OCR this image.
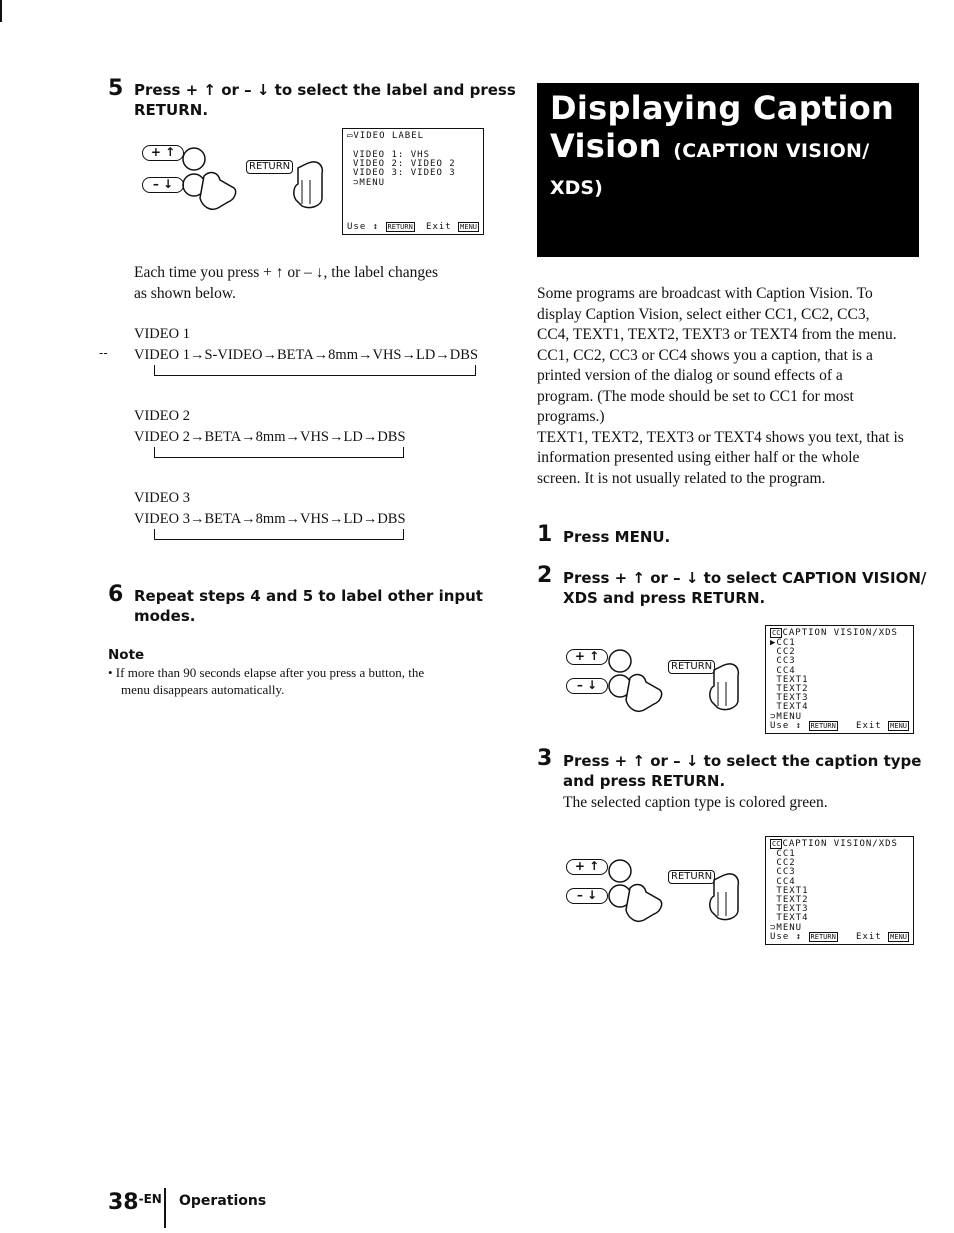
5 Press + ↑ or – ↓ to select the label and press
RETURN.
+ ↑
– ↓
RETURN
▭VIDEO LABEL
VIDEO 1: VHS
VIDEO 2: VIDEO 2
VIDEO 3: VIDEO 3
⊃MENU
Use ↕ RETURN Exit MENU
Each time you press + ↑ or – ↓, the label changes
as shown below.
VIDEO 1
-- VIDEO 1→S-VIDEO→BETA→8mm→VHS→LD→DBS
VIDEO 2
VIDEO 2→BETA→8mm→VHS→LD→DBS
VIDEO 3
VIDEO 3→BETA→8mm→VHS→LD→DBS
6 Repeat steps 4 and 5 to label other input
modes.
Note
• If more than 90 seconds elapse after you press a button, the
menu disappears automatically.
Displaying Caption
Vision (CAPTION VISION/
XDS)
Some programs are broadcast with Caption Vision. To
display Caption Vision, select either CC1, CC2, CC3,
CC4, TEXT1, TEXT2, TEXT3 or TEXT4 from the menu.
CC1, CC2, CC3 or CC4 shows you a caption, that is a
printed version of the dialog or sound effects of a
program. (The mode should be set to CC1 for most
programs.)
TEXT1, TEXT2, TEXT3 or TEXT4 shows you text, that is
information presented using either half or the whole
screen. It is not usually related to the program.
1 Press MENU.
2 Press + ↑ or – ↓ to select CAPTION VISION/
XDS and press RETURN.
+ ↑
– ↓
RETURN
CC CAPTION VISION/XDS
▶CC1
CC2
CC3
CC4
TEXT1
TEXT2
TEXT3
TEXT4
⊃MENU
Use ↕ RETURN Exit MENU
3 Press + ↑ or – ↓ to select the caption type
and press RETURN.
The selected caption type is colored green.
+ ↑
– ↓
RETURN
CC CAPTION VISION/XDS
CC1
CC2
CC3
CC4
TEXT1
TEXT2
TEXT3
TEXT4
⊃MENU
Use ↕ RETURN Exit MENU
38$^{-EN}$ Operations
